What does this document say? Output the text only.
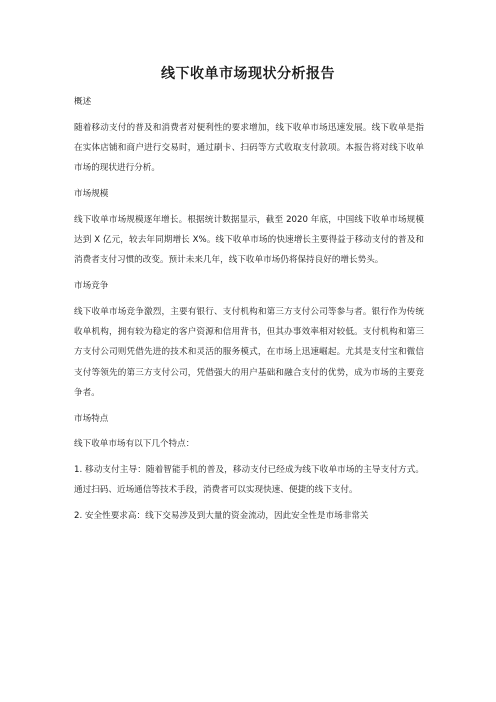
线下收单市场现状分析报告
概述

随着移动支付的普及和消费者对便利性的要求增加，线下收单市场迅速发展。线下收单是指在实体店铺和商户进行交易时，通过刷卡、扫码等方式收取支付款项。本报告将对线下收单市场的现状进行分析。

市场规模

线下收单市场规模逐年增长。根据统计数据显示，截至 2020 年底，中国线下收单市场规模达到 X 亿元，较去年同期增长 X%。线下收单市场的快速增长主要得益于移动支付的普及和消费者支付习惯的改变。预计未来几年，线下收单市场仍将保持良好的增长势头。

市场竞争

线下收单市场竞争激烈，主要有银行、支付机构和第三方支付公司等参与者。银行作为传统收单机构，拥有较为稳定的客户资源和信用背书，但其办事效率相对较低。支付机构和第三方支付公司则凭借先进的技术和灵活的服务模式，在市场上迅速崛起。尤其是支付宝和微信支付等领先的第三方支付公司，凭借强大的用户基础和融合支付的优势，成为市场的主要竞争者。

市场特点

线下收单市场有以下几个特点：

1. 移动支付主导：随着智能手机的普及，移动支付已经成为线下收单市场的主导支付方式。通过扫码、近场通信等技术手段，消费者可以实现快速、便捷的线下支付。
2. 安全性要求高：线下交易涉及到大量的资金流动，因此安全性是市场非常关
